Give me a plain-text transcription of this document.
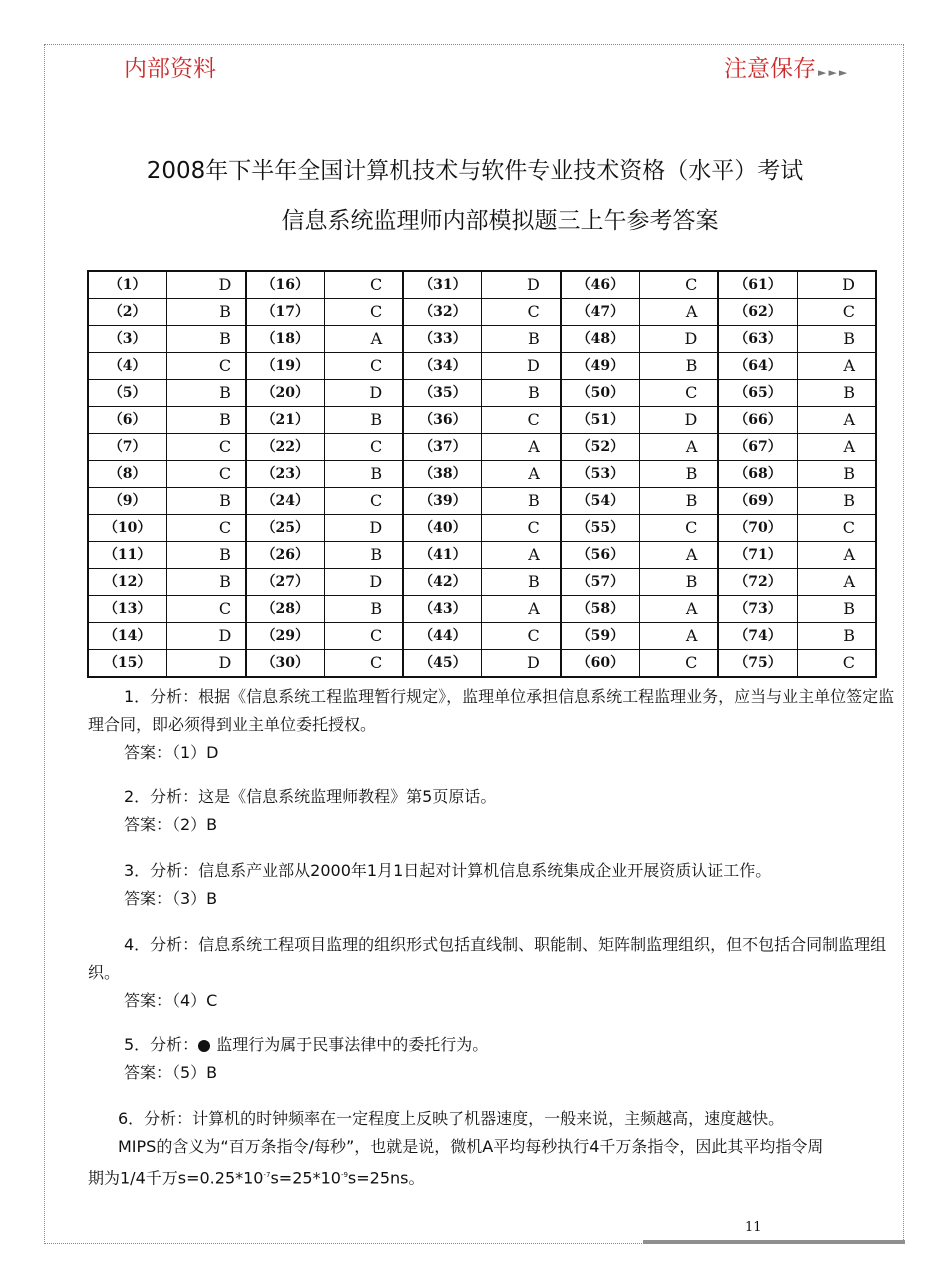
内部资料	注意保存 ►►►
2008年下半年全国计算机技术与软件专业技术资格（水平）考试
信息系统监理师内部模拟题三上午参考答案
（1）	D	（16）	C	（31）	D	（46）	C	（61）	D
（2）	B	（17）	C	（32）	C	（47）	A	（62）	C
（3）	B	（18）	A	（33）	B	（48）	D	（63）	B
（4）	C	（19）	C	（34）	D	（49）	B	（64）	A
（5）	B	（20）	D	（35）	B	（50）	C	（65）	B
（6）	B	（21）	B	（36）	C	（51）	D	（66）	A
（7）	C	（22）	C	（37）	A	（52）	A	（67）	A
（8）	C	（23）	B	（38）	A	（53）	B	（68）	B
（9）	B	（24）	C	（39）	B	（54）	B	（69）	B
（10）	C	（25）	D	（40）	C	（55）	C	（70）	C
（11）	B	（26）	B	（41）	A	（56）	A	（71）	A
（12）	B	（27）	D	（42）	B	（57）	B	（72）	A
（13）	C	（28）	B	（43）	A	（58）	A	（73）	B
（14）	D	（29）	C	（44）	C	（59）	A	（74）	B
（15）	D	（30）	C	（45）	D	（60）	C	（75）	C

1．分析：根据《信息系统工程监理暂行规定》，监理单位承担信息系统工程监理业务，应当与业主单位签定监理合同，即必须得到业主单位委托授权。

答案：（1）D

2．分析：这是《信息系统监理师教程》第5页原话。

答案：（2）B

3．分析：信息系产业部从2000年1月1日起对计算机信息系统集成企业开展资质认证工作。

答案：（3）B

4．分析：信息系统工程项目监理的组织形式包括直线制、职能制、矩阵制监理组织，但不包括合同制监理组织。

答案：（4）C

5．分析： 监理行为属于民事法律中的委托行为。

答案：（5）B

6．分析：计算机的时钟频率在一定程度上反映了机器速度，一般来说，主频越高，速度越快。

MIPS的含义为“百万条指令/每秒”，也就是说，微机A平均每秒执行4千万条指令，因此其平均指令周

期为1/4千万$s=0.25*10^{-7}s=25*10^{-9}s=25ns$。

11
